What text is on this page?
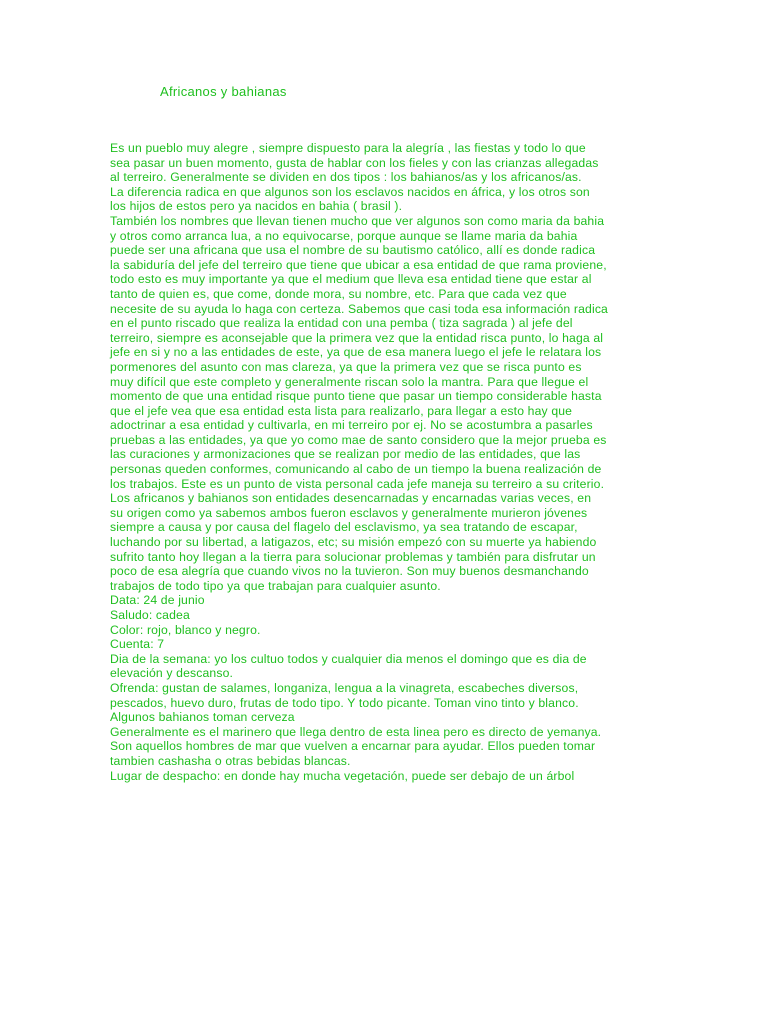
Africanos y bahianas
Es un pueblo muy alegre , siempre dispuesto para la alegría , las fiestas y todo lo que
sea pasar un buen momento, gusta de hablar con los fieles y con las crianzas allegadas
al terreiro. Generalmente se dividen en dos tipos : los bahianos/as y los africanos/as.
La diferencia radica en que algunos son los esclavos nacidos en áfrica, y los otros son
los hijos de estos pero ya nacidos en bahia ( brasil ).
También los nombres que llevan tienen mucho que ver algunos son como maria da bahia
y otros como arranca lua, a no equivocarse, porque aunque se llame maria da bahia
puede ser una africana que usa el nombre de su bautismo católico, allí es donde radica
la sabiduría del jefe del terreiro que tiene que ubicar a esa entidad de que rama proviene,
todo esto es muy importante ya que el medium que lleva esa entidad tiene que estar al
tanto de quien es, que come, donde mora, su nombre, etc. Para que cada vez que
necesite de su ayuda lo haga con certeza. Sabemos que casi toda esa información radica
en el punto riscado que realiza la entidad con una pemba ( tiza sagrada ) al jefe del
terreiro, siempre es aconsejable que la primera vez que la entidad risca punto, lo haga al
jefe en si y no a las entidades de este, ya que de esa manera luego el jefe le relatara los
pormenores del asunto con mas clareza, ya que la primera vez que se risca punto es
muy difícil que este completo y generalmente riscan solo la mantra. Para que llegue el
momento de que una entidad risque punto tiene que pasar un tiempo considerable hasta
que el jefe vea que esa entidad esta lista para realizarlo, para llegar a esto hay que
adoctrinar a esa entidad y cultivarla, en mi terreiro por ej. No se acostumbra a pasarles
pruebas a las entidades, ya que yo como mae de santo considero que la mejor prueba es
las curaciones y armonizaciones que se realizan por medio de las entidades, que las
personas queden conformes, comunicando al cabo de un tiempo la buena realización de
los trabajos. Este es un punto de vista personal cada jefe maneja su terreiro a su criterio.
Los africanos y bahianos son entidades desencarnadas y encarnadas varias veces, en
su origen como ya sabemos ambos fueron esclavos y generalmente murieron jóvenes
siempre a causa y por causa del flagelo del esclavismo, ya sea tratando de escapar,
luchando por su libertad, a latigazos, etc; su misión empezó con su muerte ya habiendo
sufrito tanto hoy llegan a la tierra para solucionar problemas y también para disfrutar un
poco de esa alegría que cuando vivos no la tuvieron. Son muy buenos desmanchando
trabajos de todo tipo ya que trabajan para cualquier asunto.
Data: 24 de junio
Saludo: cadea
Color: rojo, blanco y negro.
Cuenta: 7
Dia de la semana: yo los cultuo todos y cualquier dia menos el domingo que es dia de
elevación y descanso.
Ofrenda: gustan de salames, longaniza, lengua a la vinagreta, escabeches diversos,
pescados, huevo duro, frutas de todo tipo. Y todo picante. Toman vino tinto y blanco.
Algunos bahianos toman cerveza
Generalmente es el marinero que llega dentro de esta linea pero es directo de yemanya.
Son aquellos hombres de mar que vuelven a encarnar para ayudar. Ellos pueden tomar
tambien cashasha o otras bebidas blancas.
Lugar de despacho: en donde hay mucha vegetación, puede ser debajo de un árbol
